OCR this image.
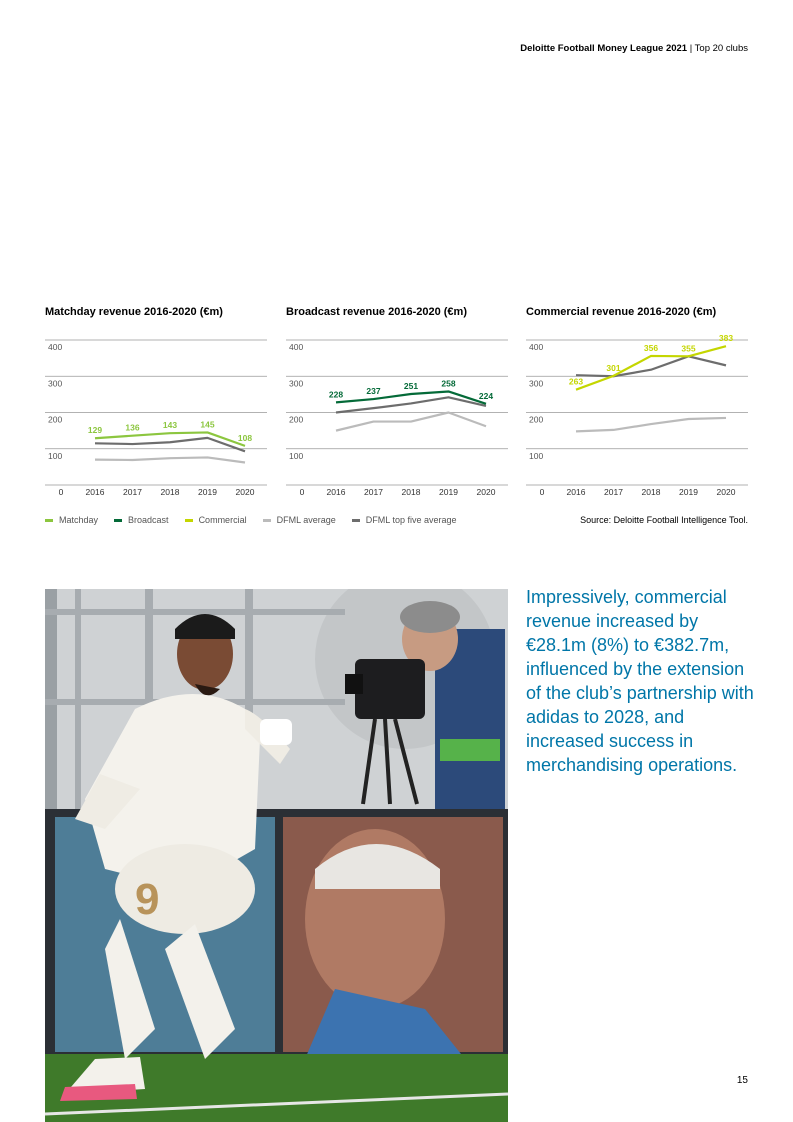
Deloitte Football Money League 2021 | Top 20 clubs
Matchday revenue 2016-2020 (€m)	Broadcast revenue 2016-2020 (€m)	Commercial revenue 2016-2020 (€m)
100
200
300
400
0	2016 2017 2018 2019 2020
129	136	143	145
108
100
200
300
400
0	2016 2017 2018 2019 2020
228	237
251	258
224
100
200
300
400
0	2016 2017 2018 2019 2020
263
301
356	355
383
Matchday	Broadcast	Commercial	DFML average	DFML top five average	Source: Deloitte Football Intelligence Tool.
9
Impressively, commercial revenue increased by €28.1m (8%) to €382.7m, influenced by the extension of the club’s partnership with adidas to 2028, and increased success in merchandising operations.
15
